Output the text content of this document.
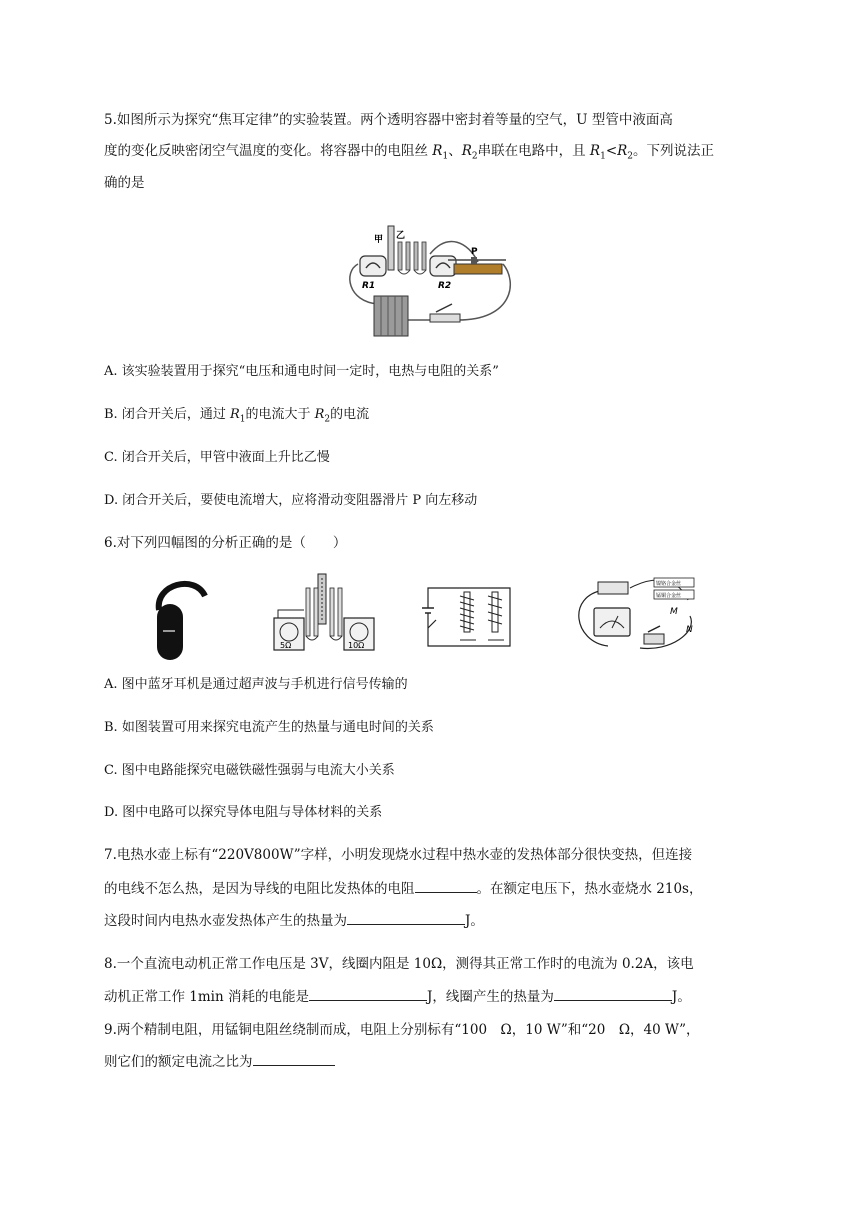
5.如图所示为探究“焦耳定律”的实验装置。两个透明容器中密封着等量的空气，U 型管中液面高
度的变化反映密闭空气温度的变化。将容器中的电阻丝 $R_1$、$R_2$串联在电路中，且 $R_1<R_2$。下列说法正
确的是
甲 乙
R1	R2
P
A. 该实验装置用于探究“电压和通电时间一定时，电热与电阻的关系”
B. 闭合开关后，通过 $R_1$的电流大于 $R_2$的电流
C. 闭合开关后，甲管中液面上升比乙慢
D. 闭合开关后，要使电流增大，应将滑动变阻器滑片 P 向左移动
6.对下列四幅图的分析正确的是（　　）
5Ω	10Ω
镍铬合金丝
锰铜合金丝
M
N
A. 图中蓝牙耳机是通过超声波与手机进行信号传输的
B. 如图装置可用来探究电流产生的热量与通电时间的关系
C. 图中电路能探究电磁铁磁性强弱与电流大小关系
D. 图中电路可以探究导体电阻与导体材料的关系
7.电热水壶上标有“220V800W”字样，小明发现烧水过程中热水壶的发热体部分很快变热，但连接
的电线不怎么热，是因为导线的电阻比发热体的电阻	。在额定电压下，热水壶烧水 210s，
这段时间内电热水壶发热体产生的热量为	J。
8.一个直流电动机正常工作电压是 3V，线圈内阻是 10Ω，测得其正常工作时的电流为 0.2A，该电
动机正常工作 1min 消耗的电能是	J，线圈产生的热量为	J。
9.两个精制电阻，用锰铜电阻丝绕制而成，电阻上分别标有“100　Ω，10 W”和“20　Ω，40 W”，
则它们的额定电流之比为
